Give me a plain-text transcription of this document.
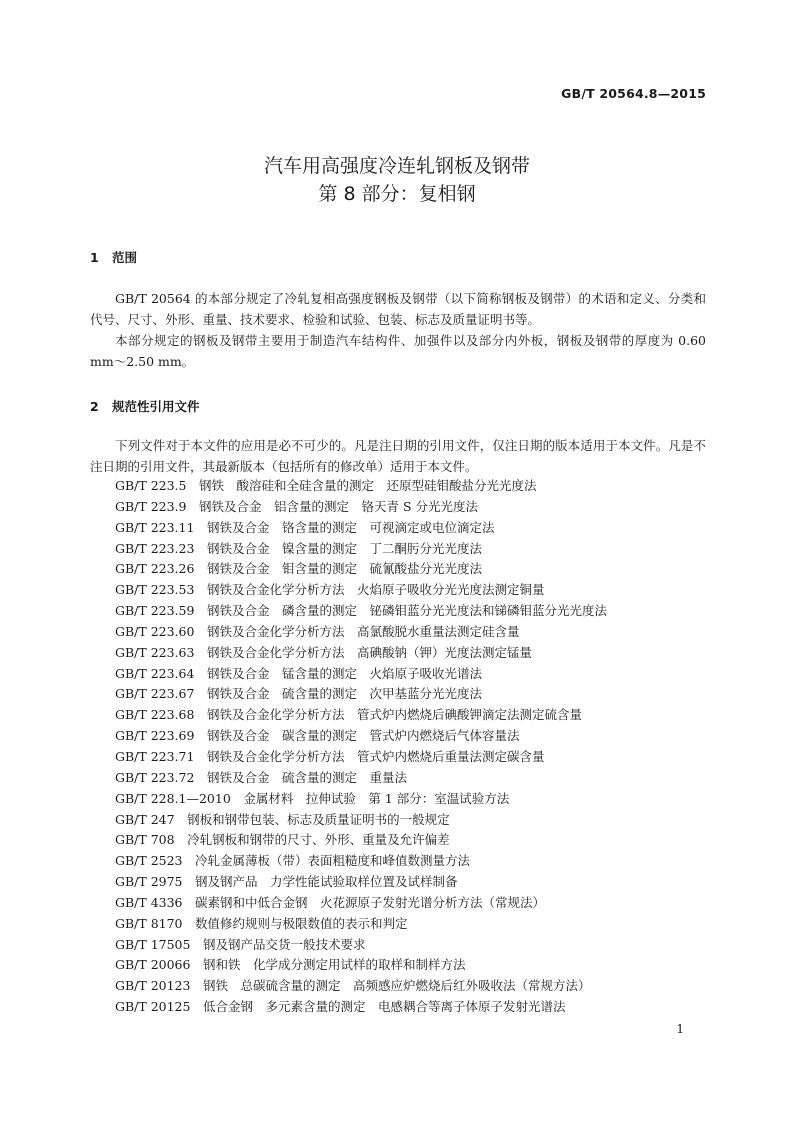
GB/T 20564.8—2015
汽车用高强度冷连轧钢板及钢带
第 8 部分：复相钢
1 范围
GB/T 20564 的本部分规定了冷轧复相高强度钢板及钢带（以下简称钢板及钢带）的术语和定义、分类和代号、尺寸、外形、重量、技术要求、检验和试验、包装、标志及质量证明书等。
本部分规定的钢板及钢带主要用于制造汽车结构件、加强件以及部分内外板，钢板及钢带的厚度为 0.60 mm～2.50 mm。
2 规范性引用文件
下列文件对于本文件的应用是必不可少的。凡是注日期的引用文件，仅注日期的版本适用于本文件。凡是不注日期的引用文件，其最新版本（包括所有的修改单）适用于本文件。
GB/T 223.5　 钢铁　酸溶硅和全硅含量的测定　还原型硅钼酸盐分光光度法
GB/T 223.9　 钢铁及合金　铝含量的测定　铬天青 S 分光光度法
GB/T 223.11　 钢铁及合金　铬含量的测定　可视滴定或电位滴定法
GB/T 223.23　 钢铁及合金　镍含量的测定　丁二酮肟分光光度法
GB/T 223.26　 钢铁及合金　钼含量的测定　硫氰酸盐分光光度法
GB/T 223.53　 钢铁及合金化学分析方法　火焰原子吸收分光光度法测定铜量
GB/T 223.59　 钢铁及合金　磷含量的测定　铋磷钼蓝分光光度法和锑磷钼蓝分光光度法
GB/T 223.60　 钢铁及合金化学分析方法　高氯酸脱水重量法测定硅含量
GB/T 223.63　 钢铁及合金化学分析方法　高碘酸钠（钾）光度法测定锰量
GB/T 223.64　 钢铁及合金　锰含量的测定　火焰原子吸收光谱法
GB/T 223.67　 钢铁及合金　硫含量的测定　次甲基蓝分光光度法
GB/T 223.68　 钢铁及合金化学分析方法　管式炉内燃烧后碘酸钾滴定法测定硫含量
GB/T 223.69　 钢铁及合金　碳含量的测定　管式炉内燃烧后气体容量法
GB/T 223.71　 钢铁及合金化学分析方法　管式炉内燃烧后重量法测定碳含量
GB/T 223.72　 钢铁及合金　硫含量的测定　重量法
GB/T 228.1—2010　 金属材料　拉伸试验　第 1 部分：室温试验方法
GB/T 247　 钢板和钢带包装、标志及质量证明书的一般规定
GB/T 708　 冷轧钢板和钢带的尺寸、外形、重量及允许偏差
GB/T 2523　 冷轧金属薄板（带）表面粗糙度和峰值数测量方法
GB/T 2975　 钢及钢产品　力学性能试验取样位置及试样制备
GB/T 4336　 碳素钢和中低合金钢　火花源原子发射光谱分析方法（常规法）
GB/T 8170　 数值修约规则与极限数值的表示和判定
GB/T 17505　 钢及钢产品交货一般技术要求
GB/T 20066　 钢和铁　化学成分测定用试样的取样和制样方法
GB/T 20123　 钢铁　总碳硫含量的测定　高频感应炉燃烧后红外吸收法（常规方法）
GB/T 20125　 低合金钢　多元素含量的测定　电感耦合等离子体原子发射光谱法
1
